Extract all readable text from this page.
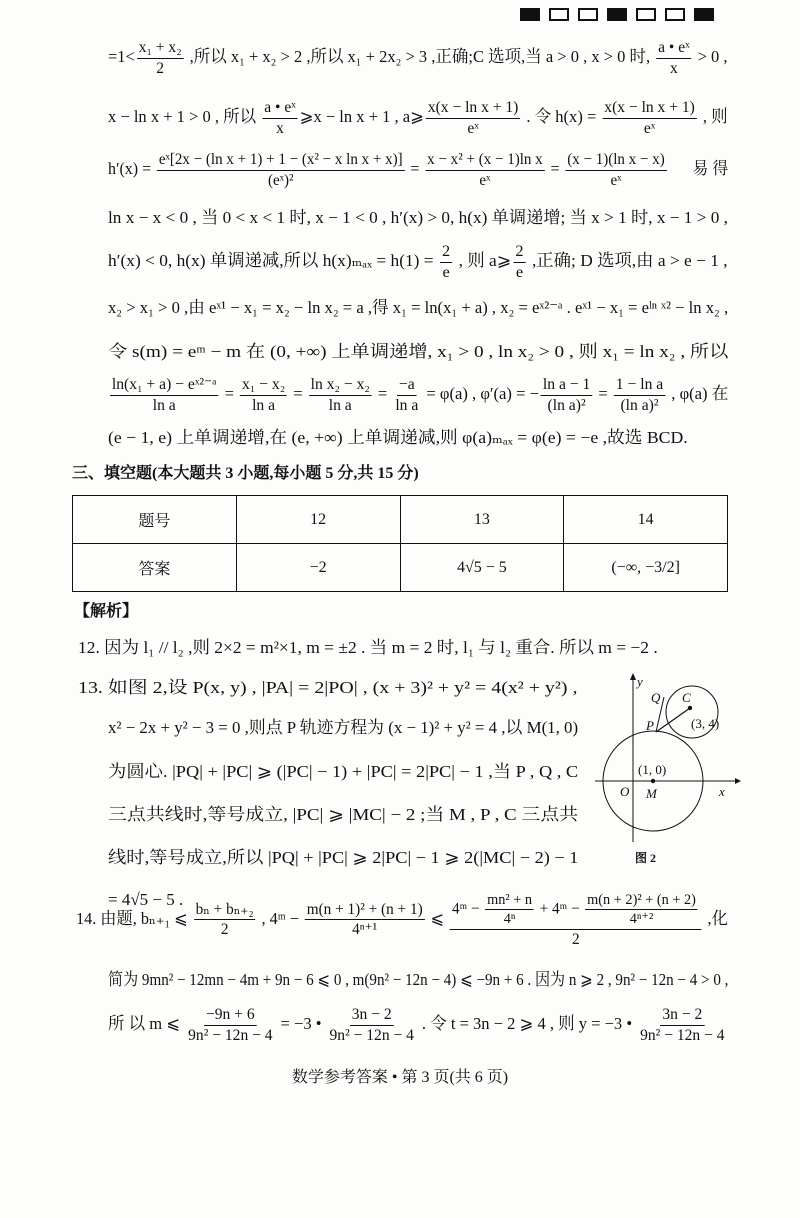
$=1< \frac{\text{x₁ + x₂}}{2}$ ,所以 x₁ + x₂ > 2 ,所以 x₁ + 2x₂ > 3 ,正确;C 选项,当 a > 0 , x > 0 时, $\frac{\text{a • eˣ}}{x} > 0$ ,
x − ln x + 1 > 0 , 所以 $\frac{\text{a • eˣ}}{x}$ ⩾x − ln x + 1 , a⩾ $\frac{\text{x(x − ln x + 1)}}{\text{eˣ}}$ . 令 $h(x) = \frac{\text{x(x − ln x + 1)}}{\text{eˣ}}$ , 则
$h'(x) = \frac{\text{eˣ[2x − (ln x + 1) + 1 − (x² − x ln x + x)]}}{\text{(eˣ)²}} = \frac{\text{x − x² + (x − 1)ln x}}{\text{eˣ}} = \frac{\text{(x − 1)(ln x − x)}}{\text{eˣ}}$ 易 得
ln x − x < 0 , 当 0 < x < 1 时, x − 1 < 0 , h′(x) > 0, h(x) 单调递增; 当 x > 1 时, x − 1 > 0 ,
h′(x) < 0, h(x) 单调递减,所以 $h(x)_{max} = h(1) = \frac{2}{e}$ , 则 a⩾ $\frac{2}{e}$ ,正确; D 选项,由 a > e − 1 ,
x₂ > x₁ > 0 ,由 eˣ¹ − x₁ = x₂ − ln x₂ = a ,得 x₁ = ln(x₁ + a) , x₂ = eˣ²⁻ᵃ . eˣ¹ − x₁ = eˡⁿ ˣ² − ln x₂ ,
令 s(m) = eᵐ − m 在 (0, +∞) 上单调递增, x₁ > 0 , ln x₂ > 0 , 则 x₁ = ln x₂ , 所以
$\frac{\text{ln(x₁ + a) − eˣ²⁻ᵃ}}{\text{ln a}} = \frac{\text{x₁ − x₂}}{\text{ln a}} = \frac{\text{ln x₂ − x₂}}{\text{ln a}} = \frac{-a}{\text{ln a}} = \varphi(a)$ , φ′(a) = − $\frac{\text{ln a − 1}}{\text{(ln a)²}} = \frac{\text{1 − ln a}}{\text{(ln a)²}}$ , φ(a) 在
(e − 1, e) 上单调递增,在 (e, +∞) 上单调递减,则 φ(a)ₘₐₓ = φ(e) = −e ,故选 BCD.
12. 因为 l₁ // l₂ ,则 2×2 = m²×1, m = ±2 . 当 m = 2 时, l₁ 与 l₂ 重合. 所以 m = −2 .
13. 如图 2,设 P(x, y) , |PA| = 2|PO| , (x + 3)² + y² = 4(x² + y²) ,
x² − 2x + y² − 3 = 0 ,则点 P 轨迹方程为 (x − 1)² + y² = 4 ,以 M(1, 0)
为圆心. |PQ| + |PC| ⩾ (|PC| − 1) + |PC| = 2|PC| − 1 ,当 P , Q , C
三点共线时,等号成立, |PC| ⩾ |MC| − 2 ;当 M , P , C 三点共
线时,等号成立,所以 |PQ| + |PC| ⩾ 2|PC| − 1 ⩾ 2(|MC| − 2) − 1
= 4√5 − 5 .
14. 由题, bₙ₊₁ ⩽ $\frac{\text{bₙ + bₙ₊₂}}{2}$ , 4ᵐ − $\frac{\text{m(n + 1)² + (n + 1)}}{\text{4ⁿ⁺¹}}$ ⩽ $\frac{4ᵐ - \frac{\text{mn² + n}}{\text{4ⁿ}} + 4ᵐ - \frac{\text{m(n + 2)² + (n + 2)}}{\text{4ⁿ⁺²}}}{2}$ ,化
简为 9mn² − 12mn − 4m + 9n − 6 ⩽ 0 , m(9n² − 12n − 4) ⩽ −9n + 6 . 因为 n ⩾ 2 , 9n² − 12n − 4 > 0 ,
所 以 m ⩽ $\frac{-9n + 6}{\text{9n² − 12n − 4}} = -3$ • $\frac{3n - 2}{\text{9n² − 12n − 4}}$ . 令 t = 3n − 2 ⩾ 4 , 则 y = −3 • $\frac{3n - 2}{\text{9n² − 12n − 4}}$
三、填空题(本大题共 3 小题,每小题 5 分,共 15 分)
题号	12	13	14
答案	−2	4√5 − 5	(−∞, −3/2]
【解析】
y
Q C
P	(3, 4)
(1, 0)
O M	x
图 2
数学参考答案 • 第 3 页(共 6 页)
